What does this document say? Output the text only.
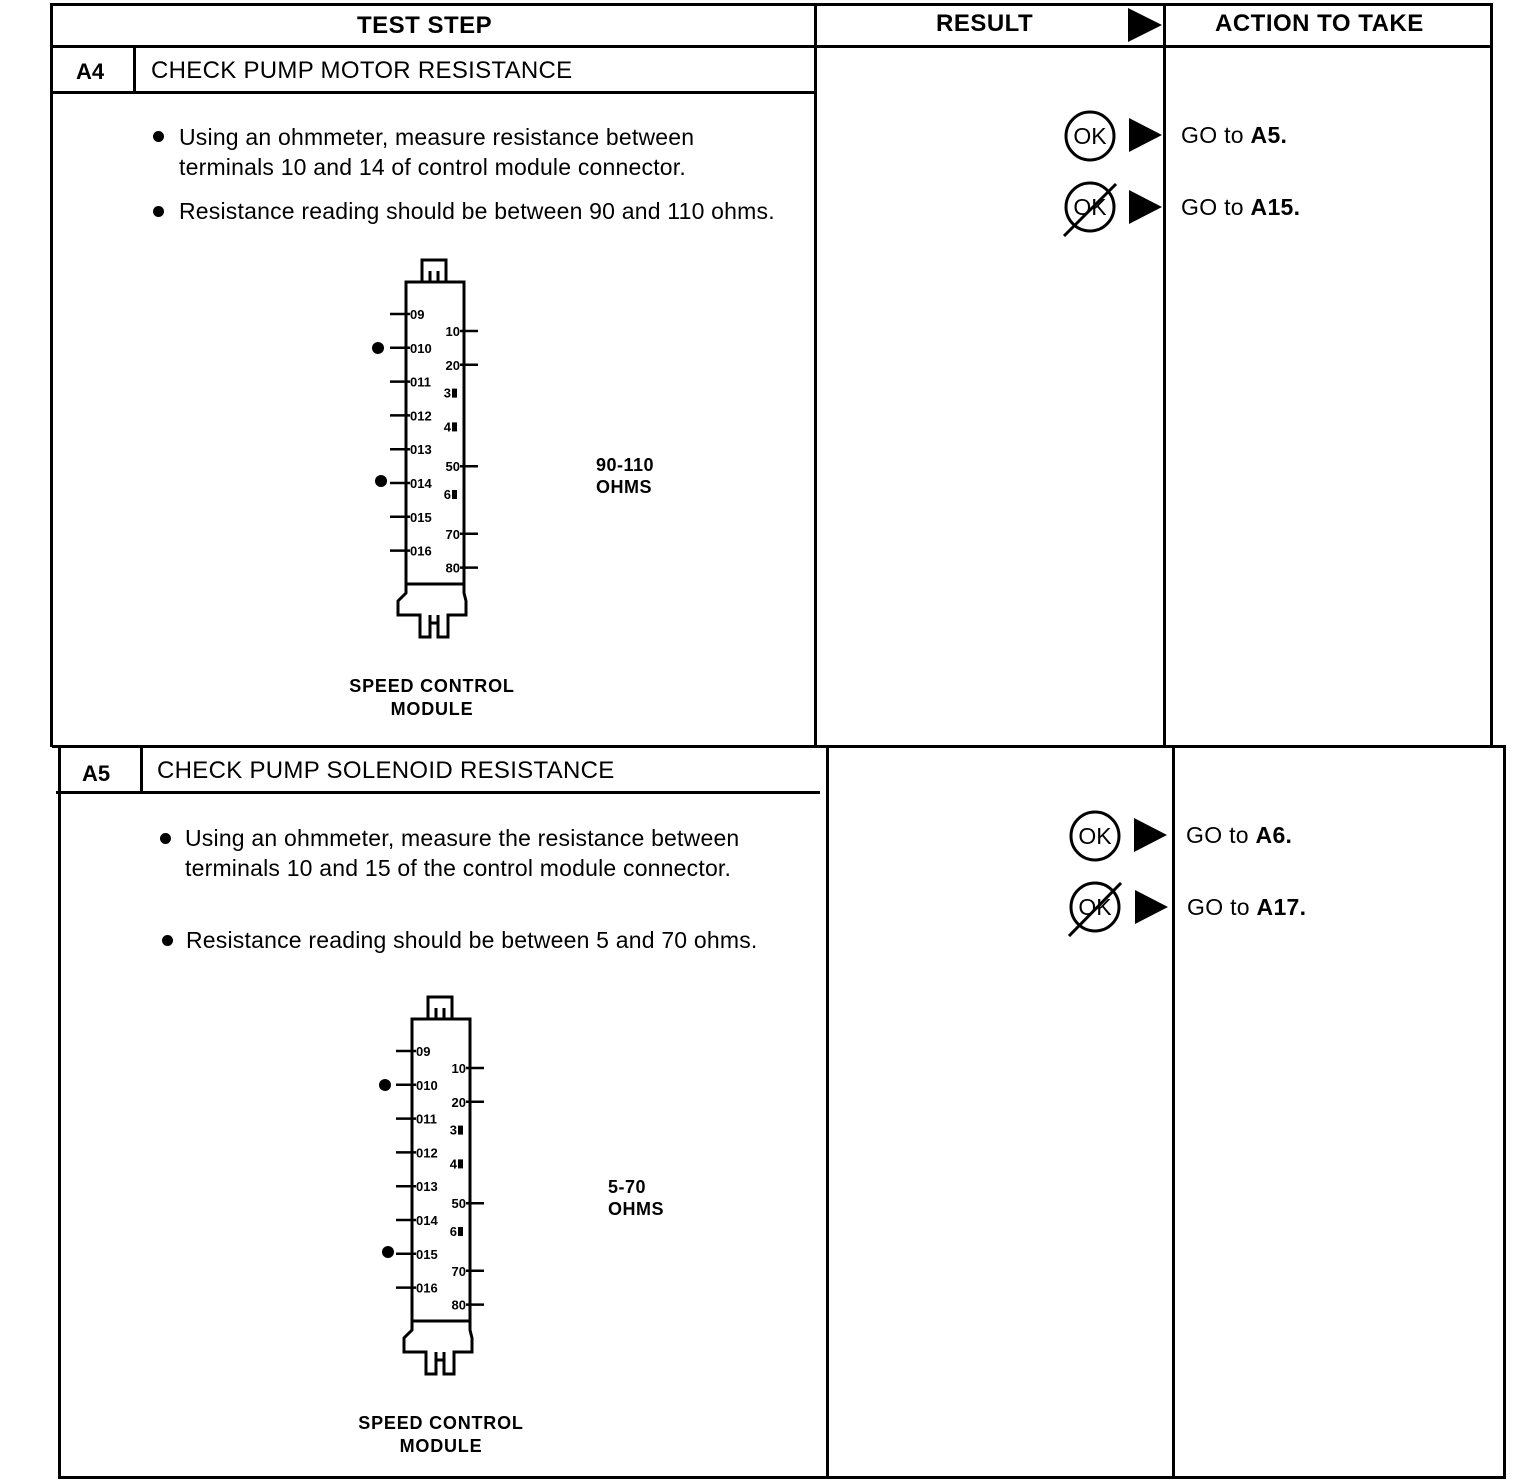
TEST STEP	RESULT	ACTION TO TAKE
A4 CHECK PUMP MOTOR RESISTANCE
Using an ohmmeter, measure resistance between terminals 10 and 14 of control module connector.
Resistance reading should be between 90 and 110 ohms.
09
010
011
012
013
014
015
016
10
20
3
4
50
6
70
80
90-110
OHMS
SPEED CONTROL
MODULE
OK	GO to A5.
OK	GO to A15.
A5 CHECK PUMP SOLENOID RESISTANCE
Using an ohmmeter, measure the resistance between terminals 10 and 15 of the control module connector.
Resistance reading should be between 5 and 70 ohms.
09
010
011
012
013
014
015
016
10
20
3
4
50
6
70
80
5-70
OHMS
SPEED CONTROL
MODULE
OK	GO to A6.
OK	GO to A17.
